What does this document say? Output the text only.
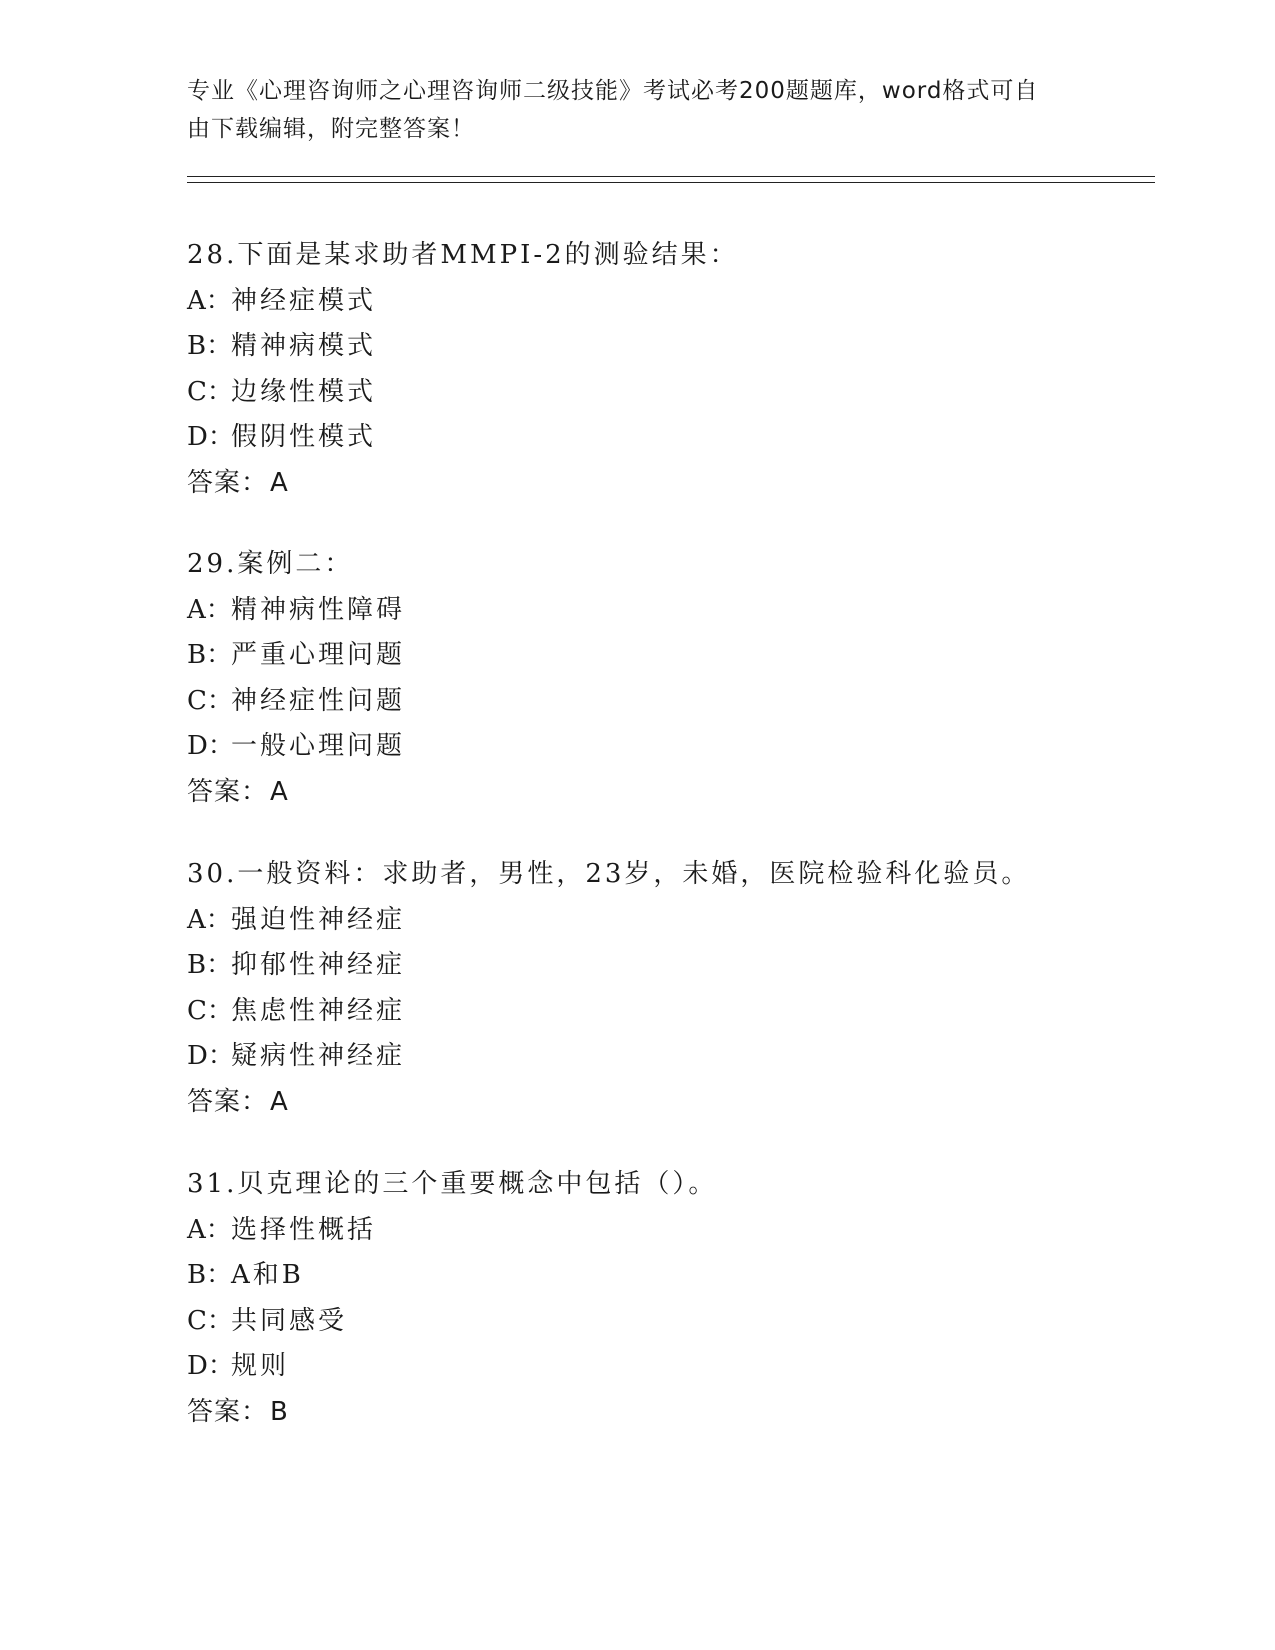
专业《心理咨询师之心理咨询师二级技能》考试必考200题题库，word格式可自
由下载编辑，附完整答案！
28.下面是某求助者MMPI-2的测验结果：
A：神经症模式
B：精神病模式
C：边缘性模式
D：假阴性模式
答案：A
29.案例二：
A：精神病性障碍
B：严重心理问题
C：神经症性问题
D：一般心理问题
答案：A
30.一般资料：求助者，男性，23岁，未婚，医院检验科化验员。
A：强迫性神经症
B：抑郁性神经症
C：焦虑性神经症
D：疑病性神经症
答案：A
31.贝克理论的三个重要概念中包括（）。
A：选择性概括
B：A和B
C：共同感受
D：规则
答案：B
